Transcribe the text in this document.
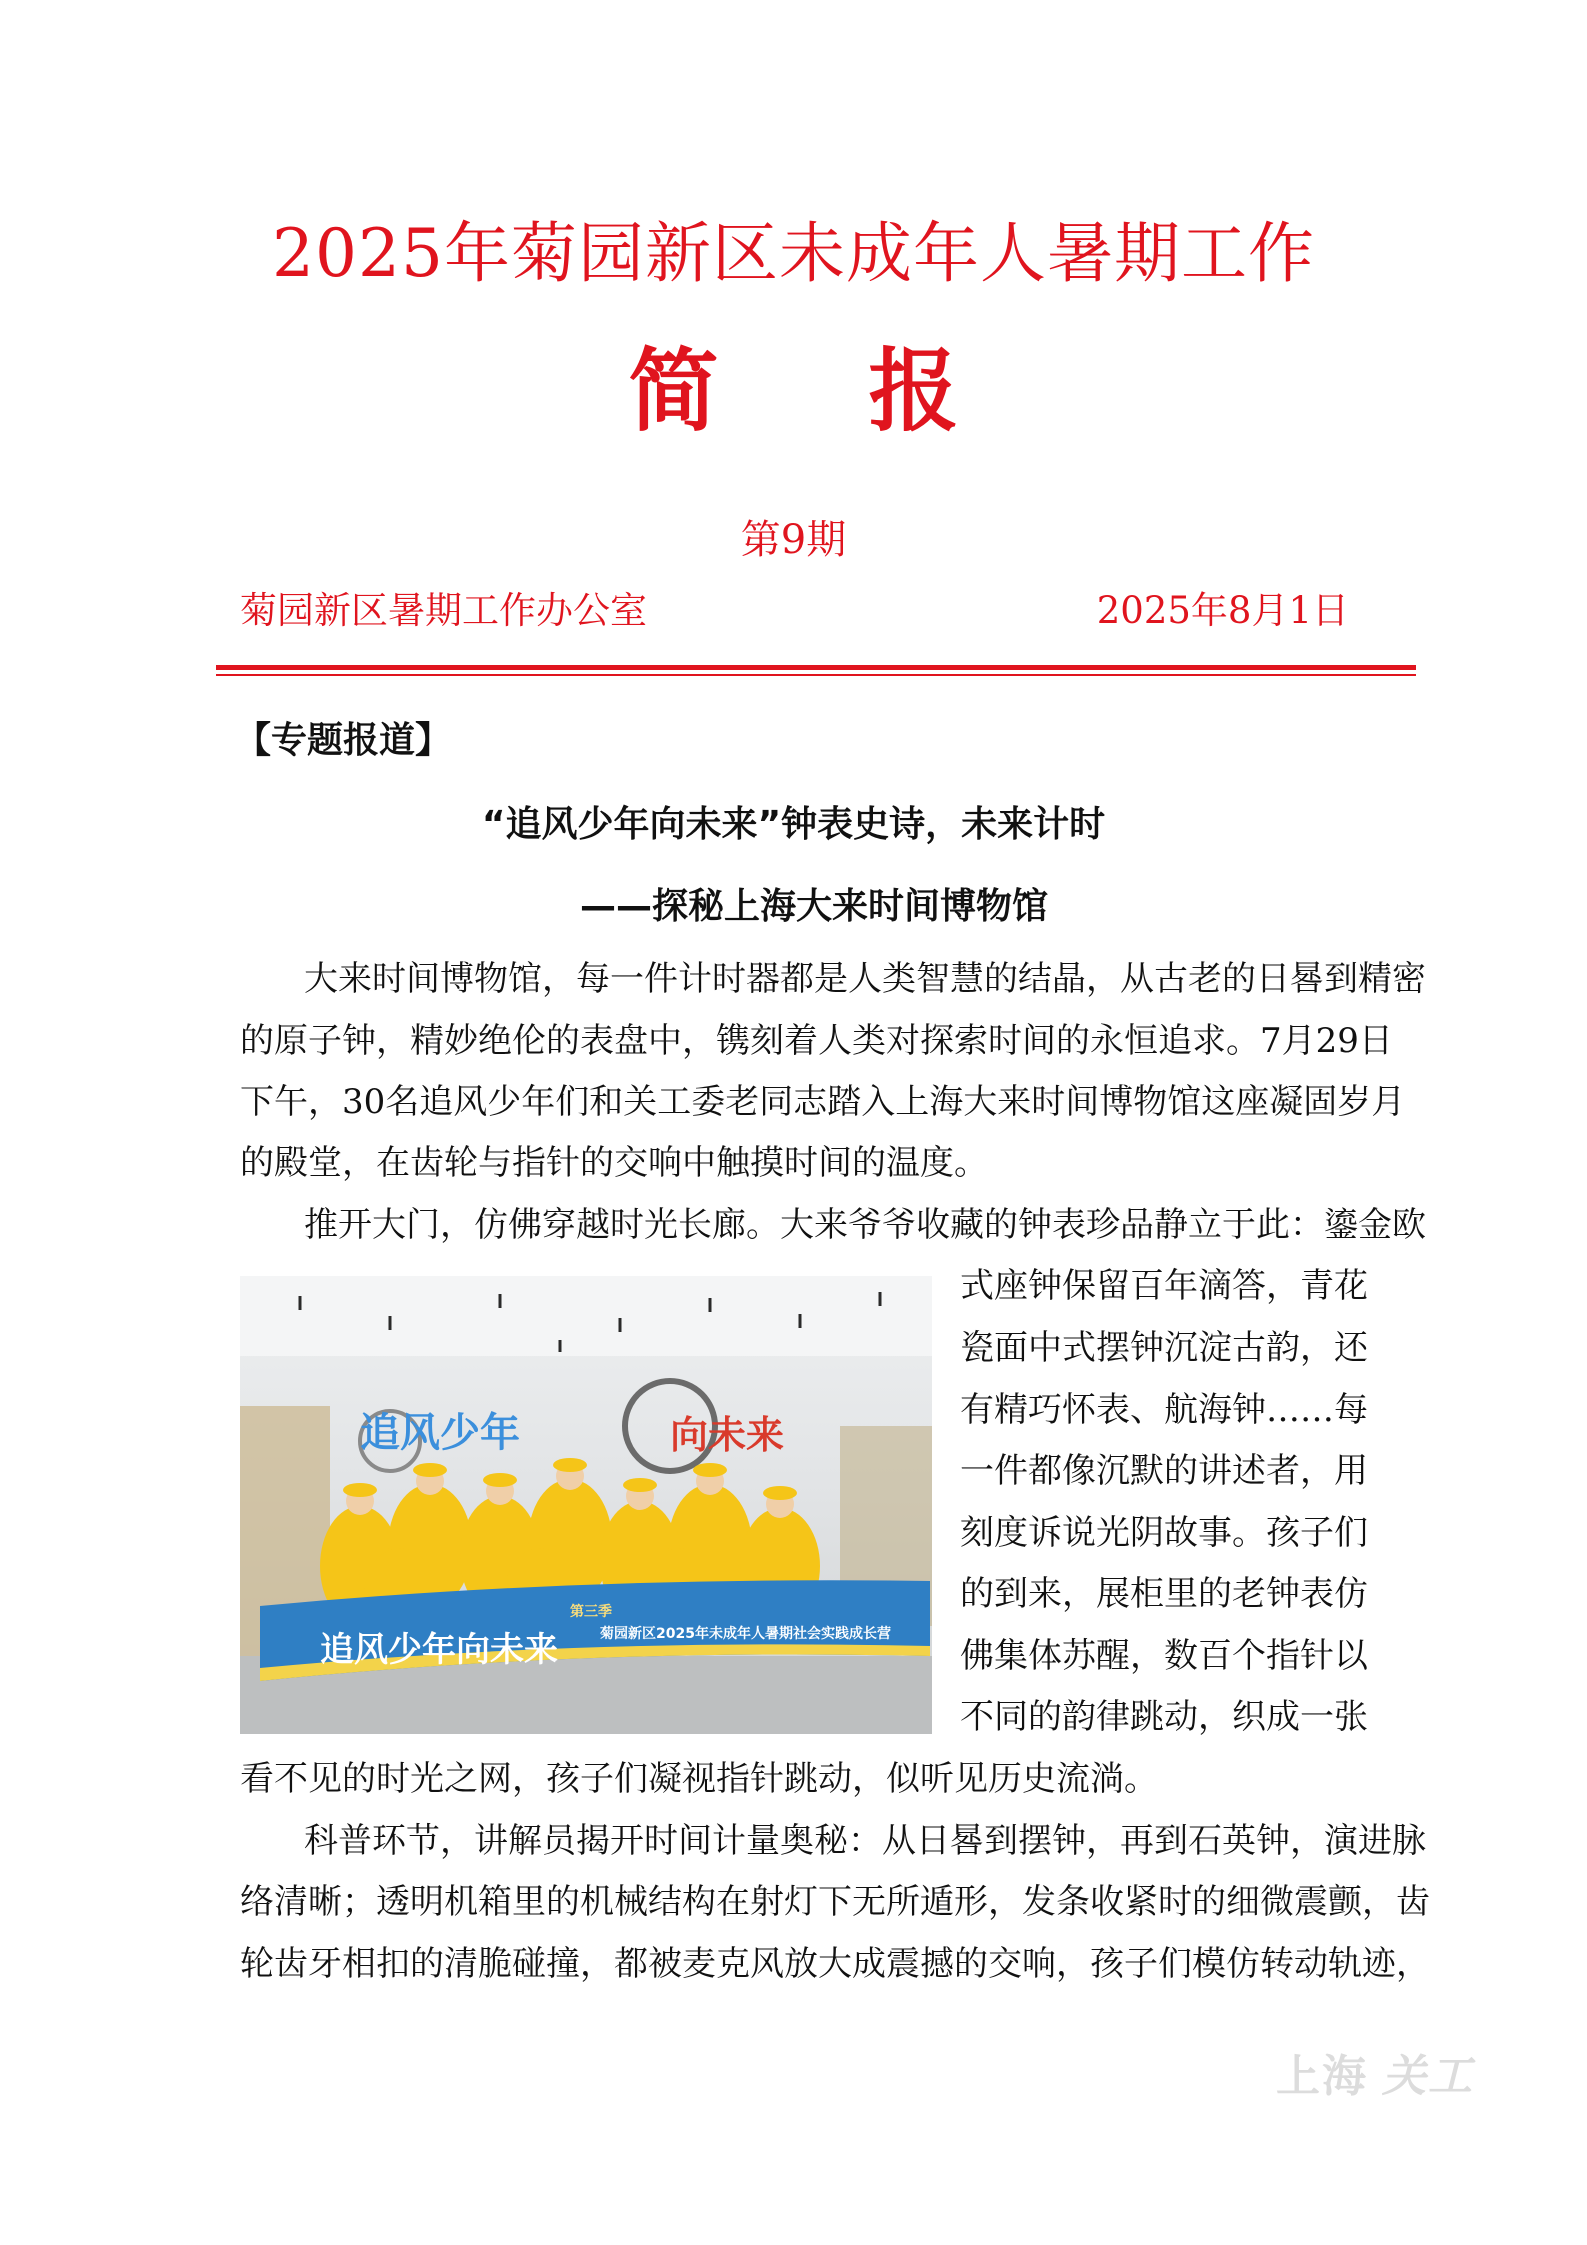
2025年菊园新区未成年人暑期工作
简报
第9期
菊园新区暑期工作办公室	2025年8月1日
【专题报道】
“追风少年向未来”钟表史诗，未来计时
——探秘上海大来时间博物馆
大来时间博物馆，每一件计时器都是人类智慧的结晶，从古老的日晷到精密
的原子钟，精妙绝伦的表盘中，镌刻着人类对探索时间的永恒追求。7月29日
下午，30名追风少年们和关工委老同志踏入上海大来时间博物馆这座凝固岁月
的殿堂，在齿轮与指针的交响中触摸时间的温度。
推开大门，仿佛穿越时光长廊。大来爷爷收藏的钟表珍品静立于此：鎏金欧
式座钟保留百年滴答，青花
瓷面中式摆钟沉淀古韵，还
有精巧怀表、航海钟……每
一件都像沉默的讲述者，用
刻度诉说光阴故事。孩子们
的到来，展柜里的老钟表仿
佛集体苏醒，数百个指针以
不同的韵律跳动，织成一张
看不见的时光之网，孩子们凝视指针跳动，似听见历史流淌。
科普环节，讲解员揭开时间计量奥秘：从日晷到摆钟，再到石英钟，演进脉
络清晰；透明机箱里的机械结构在射灯下无所遁形，发条收紧时的细微震颤，齿
轮齿牙相扣的清脆碰撞，都被麦克风放大成震撼的交响，孩子们模仿转动轨迹，
追风少年	向未来
追风少年向未来
第三季
菊园新区2025年未成年人暑期社会实践成长营
上海 关工
